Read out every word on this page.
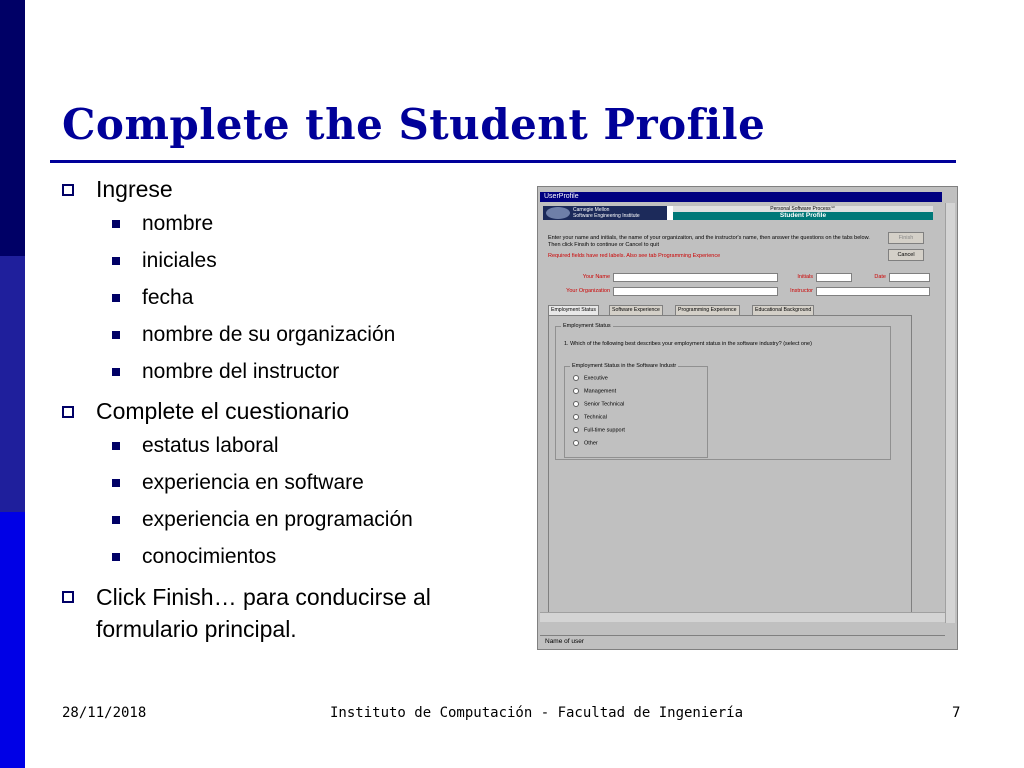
Complete the Student Profile
Ingrese
nombre
iniciales
fecha
nombre de su organización
nombre del instructor
Complete el cuestionario
estatus laboral
experiencia en software
experiencia en programación
conocimientos
Click Finish… para conducirse al formulario principal.
UserProfile
Carnegie Mellon
Software Engineering Institute
Personal Software Process℠
Student Profile
Enter your name and initials, the name of your organizaiton, and the instructor's name, then answer the questions on the tabs below. Then click Finsih to continue or Cancel to quit
Required fields have red labels. Also see tab Programming Experience
Finish
Cancel
Your Name	Initials	Date
Your Organization	Instructor
Employment Status	Software Experience	Programming Experience	Educational Background
Employment Status
1. Which of the following best describes your employment status in the software industry? (select one)
Employment Status in the Software Industr
Executive
Management
Senior Technical
Technical
Full-time support
Other
Name of user
28/11/2018	Instituto de Computación - Facultad de Ingeniería	7
